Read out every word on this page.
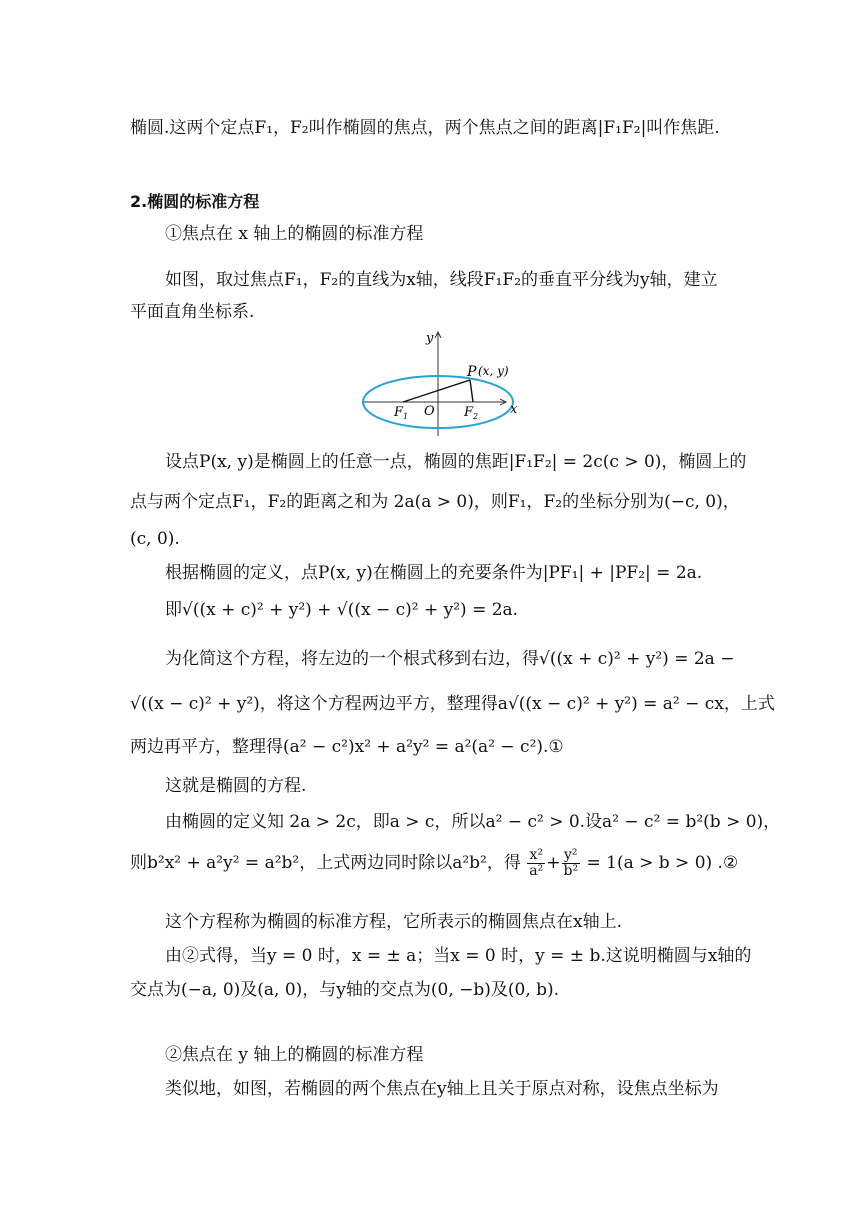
椭圆.这两个定点F₁，F₂叫作椭圆的焦点，两个焦点之间的距离|F₁F₂|叫作焦距.
2.椭圆的标准方程
①焦点在 x 轴上的椭圆的标准方程
如图，取过焦点F₁，F₂的直线为x轴，线段F₁F₂的垂直平分线为y轴，建立
平面直角坐标系.
y
x
P (x, y)
O
$F_1$	$F_2$
设点P(x, y)是椭圆上的任意一点，椭圆的焦距|F₁F₂| = 2c(c > 0)，椭圆上的
点与两个定点F₁，F₂的距离之和为 2a(a > 0)，则F₁，F₂的坐标分别为(−c, 0)，
(c, 0).
根据椭圆的定义，点P(x, y)在椭圆上的充要条件为|PF₁| + |PF₂| = 2a.
即√((x + c)² + y²) + √((x − c)² + y²) = 2a.
为化简这个方程，将左边的一个根式移到右边，得√((x + c)² + y²) = 2a −
√((x − c)² + y²)，将这个方程两边平方，整理得a√((x − c)² + y²) = a² − cx，上式
两边再平方，整理得(a² − c²)x² + a²y² = a²(a² − c²).①
这就是椭圆的方程.
由椭圆的定义知 2a > 2c，即a > c，所以a² − c² > 0.设a² − c² = b²(b > 0)，
则b²x² + a²y² = a²b²，上式两边同时除以a²b²，得 $\frac{\text{x²}}{\text{a²}} + \frac{\text{y²}}{\text{b²}} = 1(a > b > 0)$ .②
这个方程称为椭圆的标准方程，它所表示的椭圆焦点在x轴上.
由②式得，当y = 0 时，x = ± a；当x = 0 时，y = ± b.这说明椭圆与x轴的
交点为(−a, 0)及(a, 0)，与y轴的交点为(0, −b)及(0, b).
②焦点在 y 轴上的椭圆的标准方程
类似地，如图，若椭圆的两个焦点在y轴上且关于原点对称，设焦点坐标为
